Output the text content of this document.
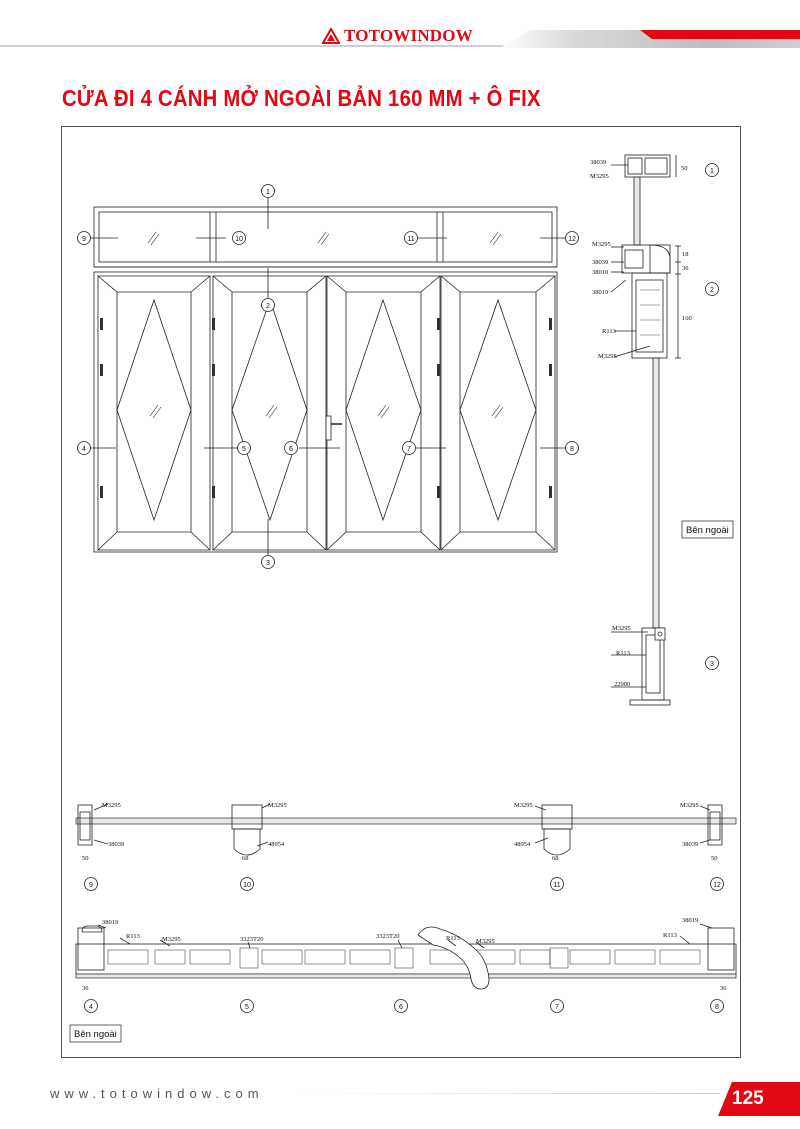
TOTOWINDOW
CỬA ĐI 4 CÁNH MỞ NGOÀI BẢN 160 MM + Ô FIX
1
2
3
4	5	6	7	8
9	10	11	12
38039
M3295
50
M3295
38039
38010
38019
18
36
160
R113
M3295
M3295
R113
22900
1
2
3
Bên ngoài
M3295
38039
50
M3295
48954
68
M3295
48954
68
M3295
38039
50
9	10	11	12
38019
R113	M3295	3323T20	3323T20	R113 M3295
R113
38019
36	36
4	5	6	7	8
Bên ngoài
www.totowindow.com	125
